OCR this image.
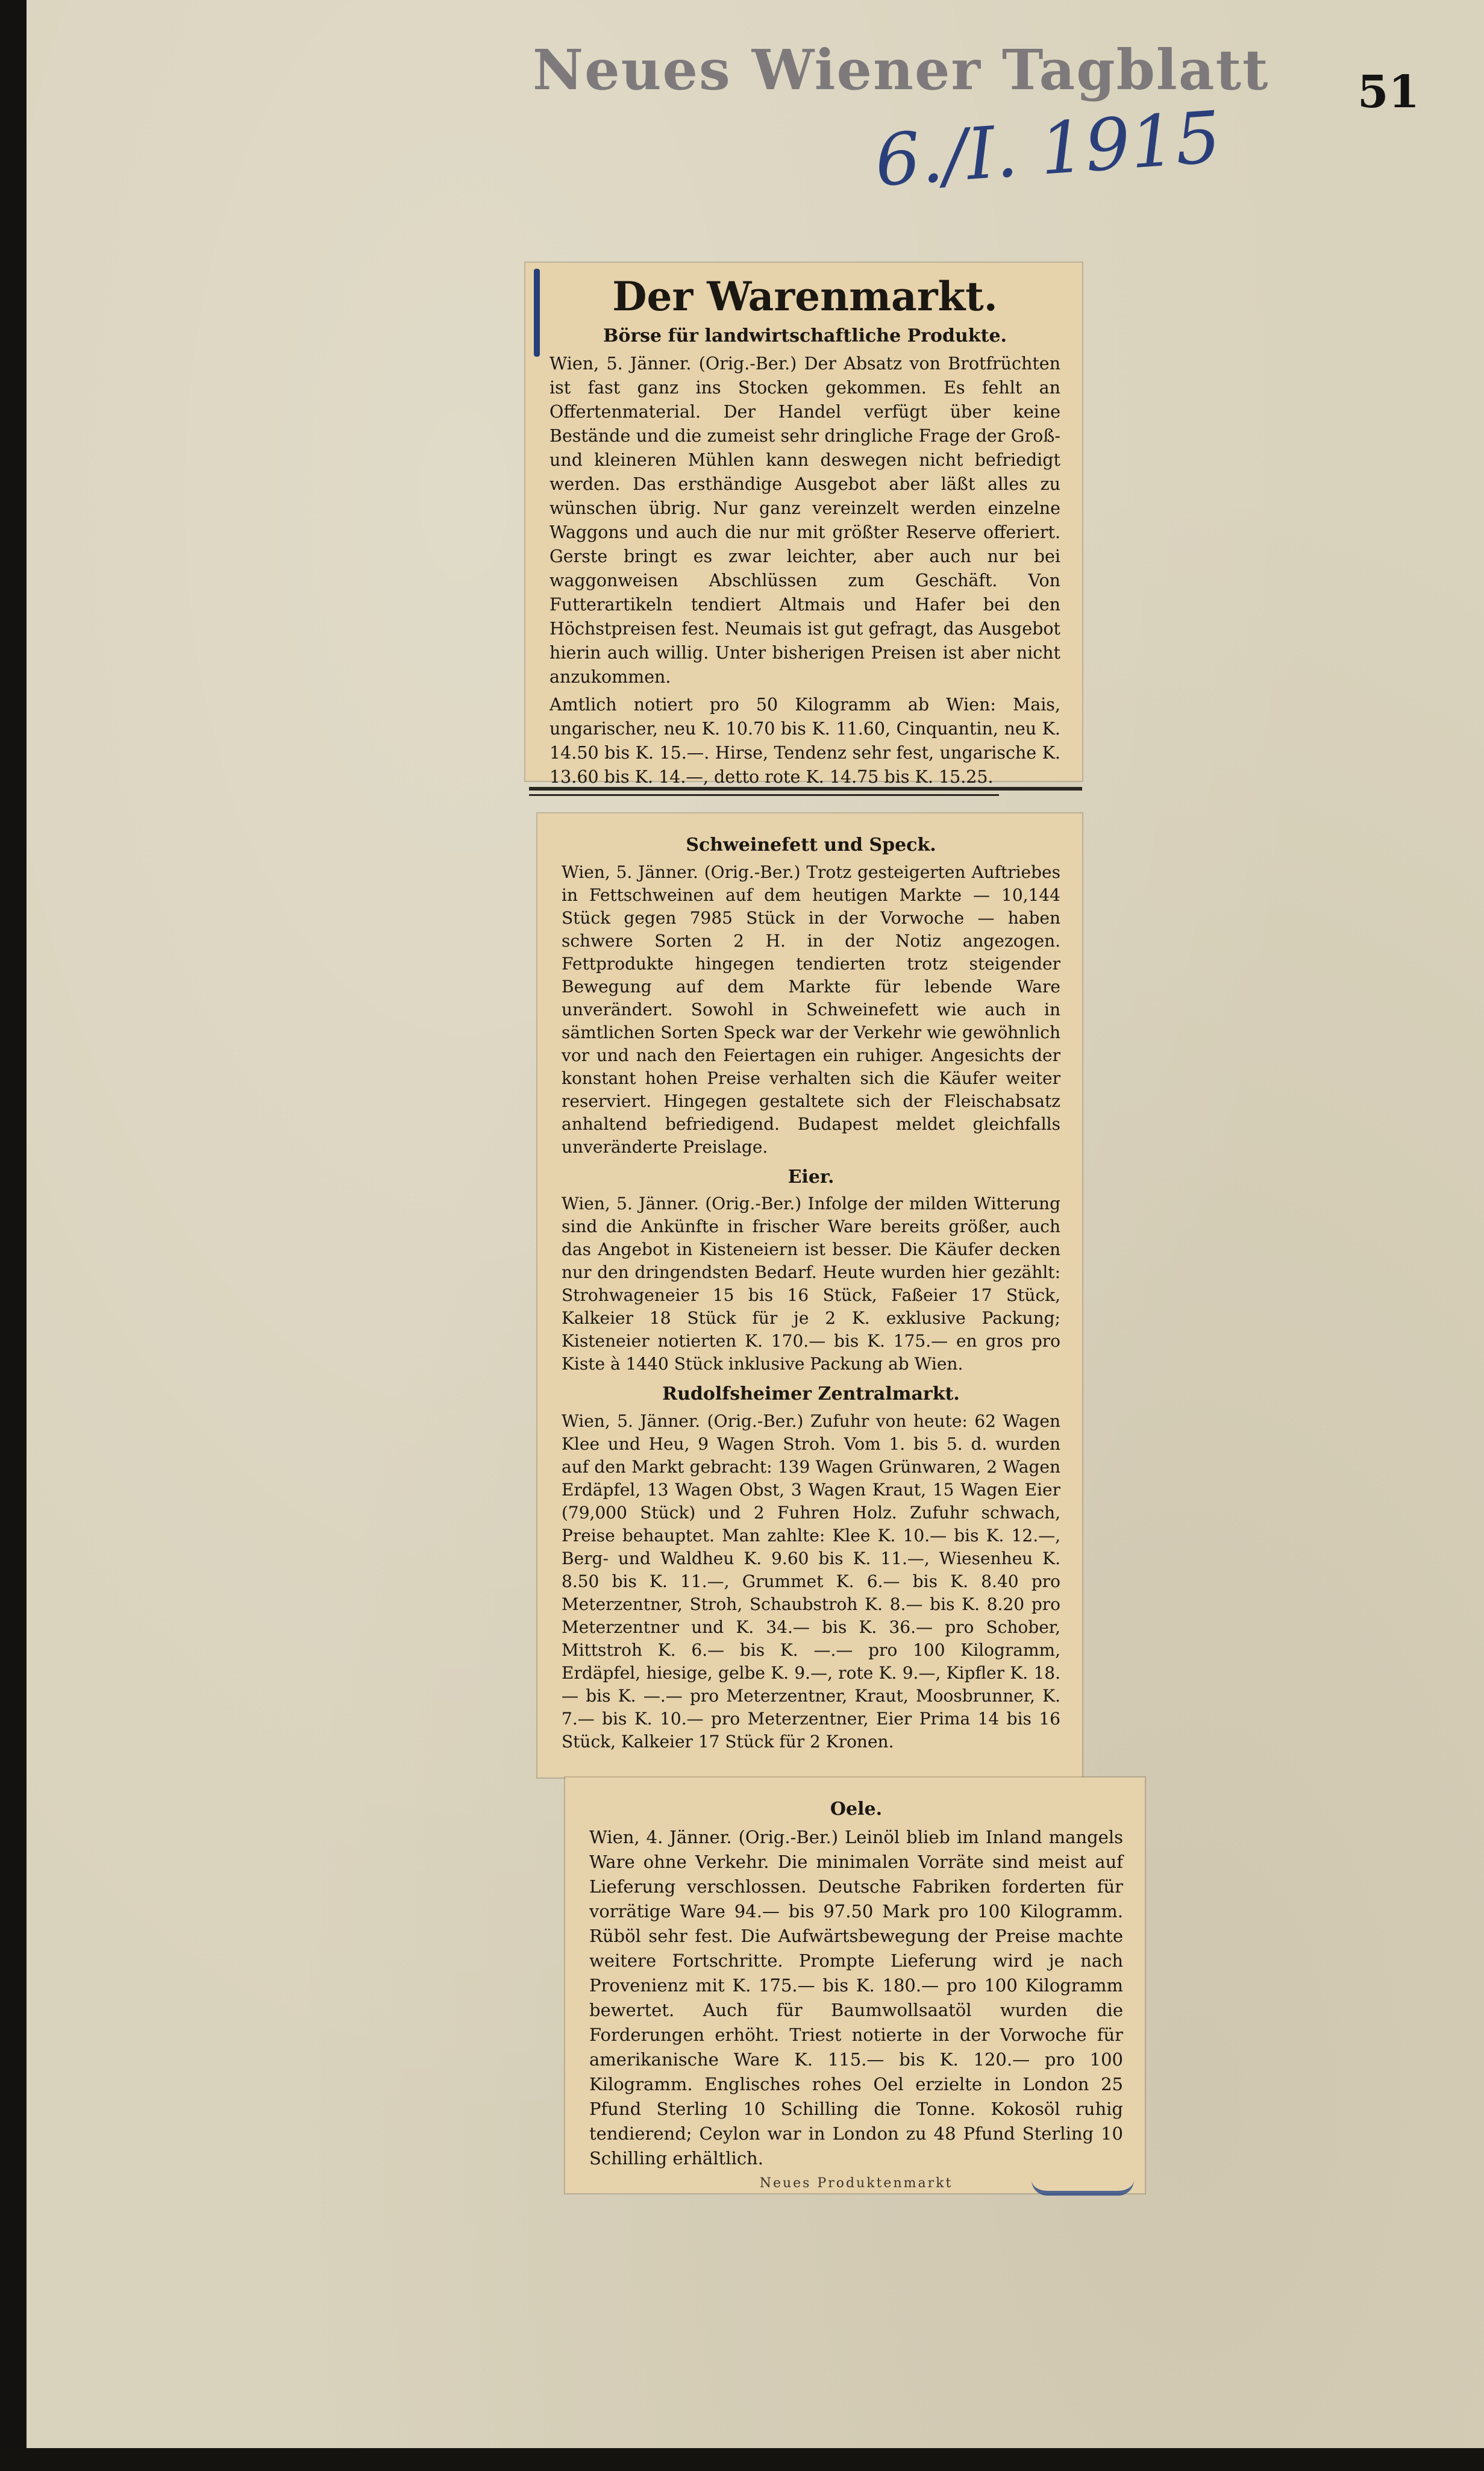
Neues Wiener Tagblatt
6./I. 1915
51
Der Warenmarkt.
Börse für landwirtschaftliche Produkte.

Wien, 5. Jänner. (Orig.-Ber.) Der Absatz von Brotfrüchten ist fast ganz ins Stocken gekommen. Es fehlt an Offertenmaterial. Der Handel verfügt über keine Bestände und die zumeist sehr dringliche Frage der Groß- und kleineren Mühlen kann deswegen nicht befriedigt werden. Das ersthändige Ausgebot aber läßt alles zu wünschen übrig. Nur ganz vereinzelt werden einzelne Waggons und auch die nur mit größter Reserve offeriert. Gerste bringt es zwar leichter, aber auch nur bei waggonweisen Abschlüssen zum Geschäft. Von Futterartikeln tendiert Altmais und Hafer bei den Höchstpreisen fest. Neumais ist gut gefragt, das Ausgebot hierin auch willig. Unter bisherigen Preisen ist aber nicht anzukommen.

Amtlich notiert pro 50 Kilogramm ab Wien: Mais, ungarischer, neu K. 10.70 bis K. 11.60, Cinquantin, neu K. 14.50 bis K. 15.—. Hirse, Tendenz sehr fest, ungarische K. 13.60 bis K. 14.—, detto rote K. 14.75 bis K. 15.25.

Schweinefett und Speck.

Wien, 5. Jänner. (Orig.-Ber.) Trotz gesteigerten Auftriebes in Fettschweinen auf dem heutigen Markte — 10,144 Stück gegen 7985 Stück in der Vorwoche — haben schwere Sorten 2 H. in der Notiz angezogen. Fettprodukte hingegen tendierten trotz steigender Bewegung auf dem Markte für lebende Ware unverändert. Sowohl in Schweinefett wie auch in sämtlichen Sorten Speck war der Verkehr wie gewöhnlich vor und nach den Feiertagen ein ruhiger. Angesichts der konstant hohen Preise verhalten sich die Käufer weiter reserviert. Hingegen gestaltete sich der Fleischabsatz anhaltend befriedigend. Budapest meldet gleichfalls unveränderte Preislage.

Eier.

Wien, 5. Jänner. (Orig.-Ber.) Infolge der milden Witterung sind die Ankünfte in frischer Ware bereits größer, auch das Angebot in Kisteneiern ist besser. Die Käufer decken nur den dringendsten Bedarf. Heute wurden hier gezählt: Strohwageneier 15 bis 16 Stück, Faßeier 17 Stück, Kalkeier 18 Stück für je 2 K. exklusive Packung; Kisteneier notierten K. 170.— bis K. 175.— en gros pro Kiste à 1440 Stück inklusive Packung ab Wien.

Rudolfsheimer Zentralmarkt.

Wien, 5. Jänner. (Orig.-Ber.) Zufuhr von heute: 62 Wagen Klee und Heu, 9 Wagen Stroh. Vom 1. bis 5. d. wurden auf den Markt gebracht: 139 Wagen Grünwaren, 2 Wagen Erdäpfel, 13 Wagen Obst, 3 Wagen Kraut, 15 Wagen Eier (79,000 Stück) und 2 Fuhren Holz. Zufuhr schwach, Preise behauptet. Man zahlte: Klee K. 10.— bis K. 12.—, Berg- und Waldheu K. 9.60 bis K. 11.—, Wiesenheu K. 8.50 bis K. 11.—, Grummet K. 6.— bis K. 8.40 pro Meterzentner, Stroh, Schaubstroh K. 8.— bis K. 8.20 pro Meterzentner und K. 34.— bis K. 36.— pro Schober, Mittstroh K. 6.— bis K. —.— pro 100 Kilogramm, Erdäpfel, hiesige, gelbe K. 9.—, rote K. 9.—, Kipfler K. 18.— bis K. —.— pro Meterzentner, Kraut, Moosbrunner, K. 7.— bis K. 10.— pro Meterzentner, Eier Prima 14 bis 16 Stück, Kalkeier 17 Stück für 2 Kronen.

Oele.

Wien, 4. Jänner. (Orig.-Ber.) Leinöl blieb im Inland mangels Ware ohne Verkehr. Die minimalen Vorräte sind meist auf Lieferung verschlossen. Deutsche Fabriken forderten für vorrätige Ware 94.— bis 97.50 Mark pro 100 Kilogramm. Rüböl sehr fest. Die Aufwärtsbewegung der Preise machte weitere Fortschritte. Prompte Lieferung wird je nach Provenienz mit K. 175.— bis K. 180.— pro 100 Kilogramm bewertet. Auch für Baumwollsaatöl wurden die Forderungen erhöht. Triest notierte in der Vorwoche für amerikanische Ware K. 115.— bis K. 120.— pro 100 Kilogramm. Englisches rohes Oel erzielte in London 25 Pfund Sterling 10 Schilling die Tonne. Kokosöl ruhig tendierend; Ceylon war in London zu 48 Pfund Sterling 10 Schilling erhältlich.

Neues Produktenmarkt
